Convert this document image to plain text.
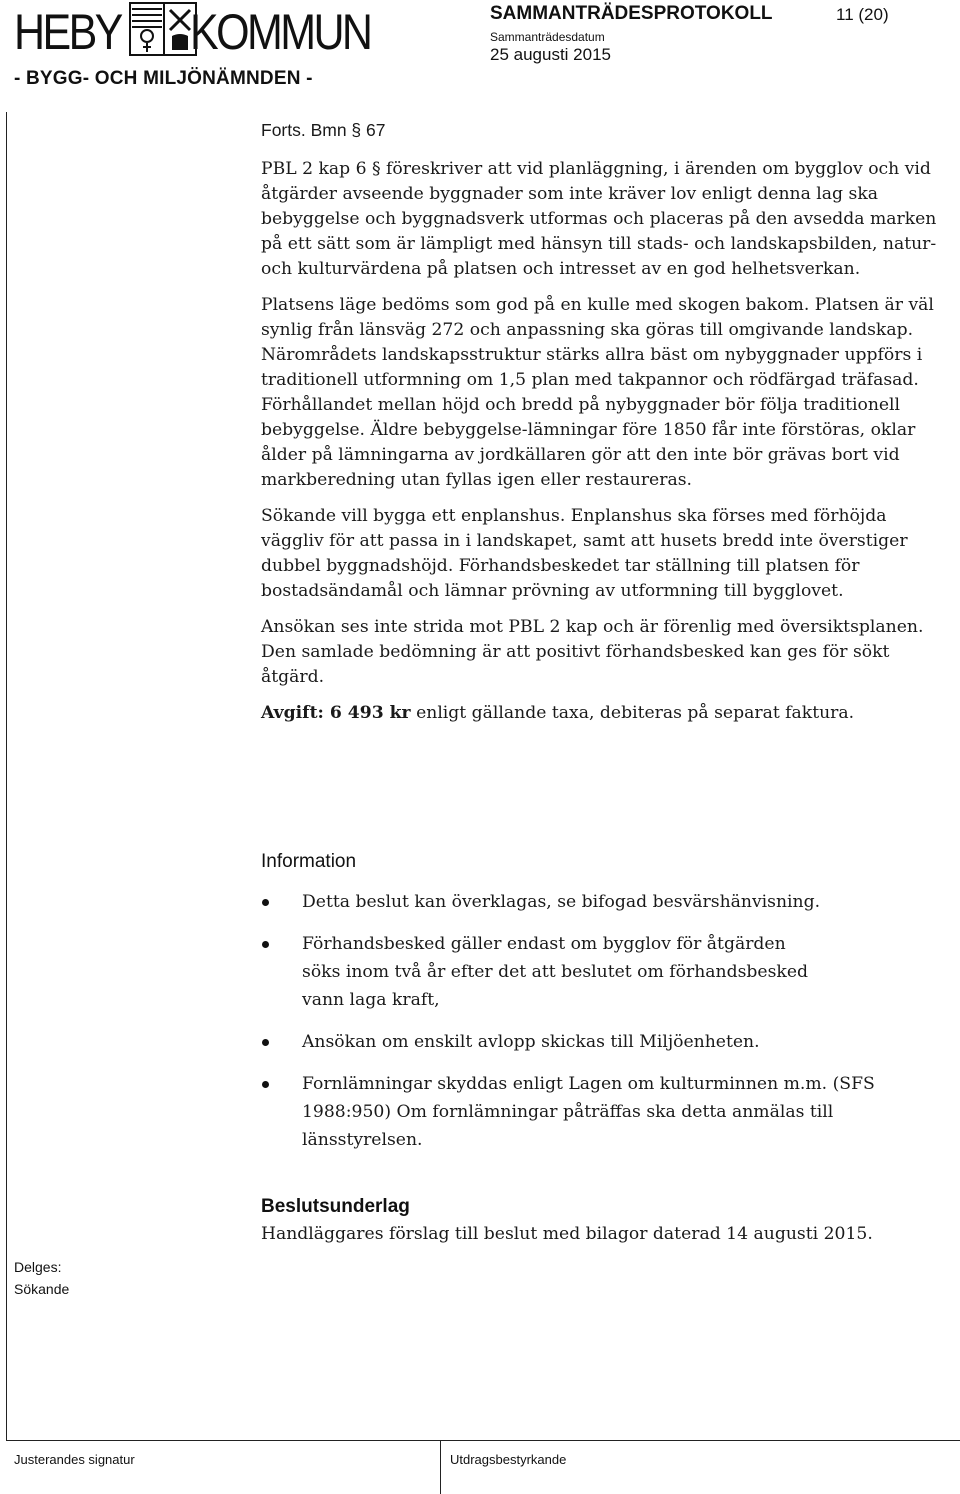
HEBY KOMMUN
- BYGG- OCH MILJÖNÄMNDEN -
SAMMANTRÄDESPROTOKOLL	11 (20)
Sammanträdesdatum
25 augusti 2015

Forts. Bmn § 67

PBL 2 kap 6 § föreskriver att vid planläggning, i ärenden om bygglov och vid åtgärder avseende byggnader som inte kräver lov enligt denna lag ska bebyggelse och byggnadsverk utformas och placeras på den avsedda marken på ett sätt som är lämpligt med hänsyn till stads- och landskapsbilden, natur- och kulturvärdena på platsen och intresset av en god helhetsverkan.

Platsens läge bedöms som god på en kulle med skogen bakom. Platsen är väl synlig från länsväg 272 och anpassning ska göras till omgivande landskap. Närområdets landskapsstruktur stärks allra bäst om nybyggnader uppförs i traditionell utformning om 1,5 plan med takpannor och rödfärgad träfasad. Förhållandet mellan höjd och bredd på nybyggnader bör följa traditionell bebyggelse. Äldre bebyggelse-lämningar före 1850 får inte förstöras, oklar ålder på lämningarna av jordkällaren gör att den inte bör grävas bort vid markberedning utan fyllas igen eller restaureras.

Sökande vill bygga ett enplanshus. Enplanshus ska förses med förhöjda väggliv för att passa in i landskapet, samt att husets bredd inte överstiger dubbel byggnadshöjd. Förhandsbeskedet tar ställning till platsen för bostadsändamål och lämnar prövning av utformning till bygglovet.

Ansökan ses inte strida mot PBL 2 kap och är förenlig med översiktsplanen. Den samlade bedömning är att positivt förhandsbesked kan ges för sökt åtgärd.

Avgift: 6 493 kr enligt gällande taxa, debiteras på separat faktura.

Information
Detta beslut kan överklagas, se bifogad besvärshänvisning.
Förhandsbesked gäller endast om bygglov för åtgärden söks inom två år efter det att beslutet om förhandsbesked vann laga kraft,
Ansökan om enskilt avlopp skickas till Miljöenheten.
Fornlämningar skyddas enligt Lagen om kulturminnen m.m. (SFS 1988:950) Om fornlämningar påträffas ska detta anmälas till länsstyrelsen.
Beslutsunderlag
Handläggares förslag till beslut med bilagor daterad 14 augusti 2015.
Delges:
Sökande
Justerandes signatur	Utdragsbestyrkande
